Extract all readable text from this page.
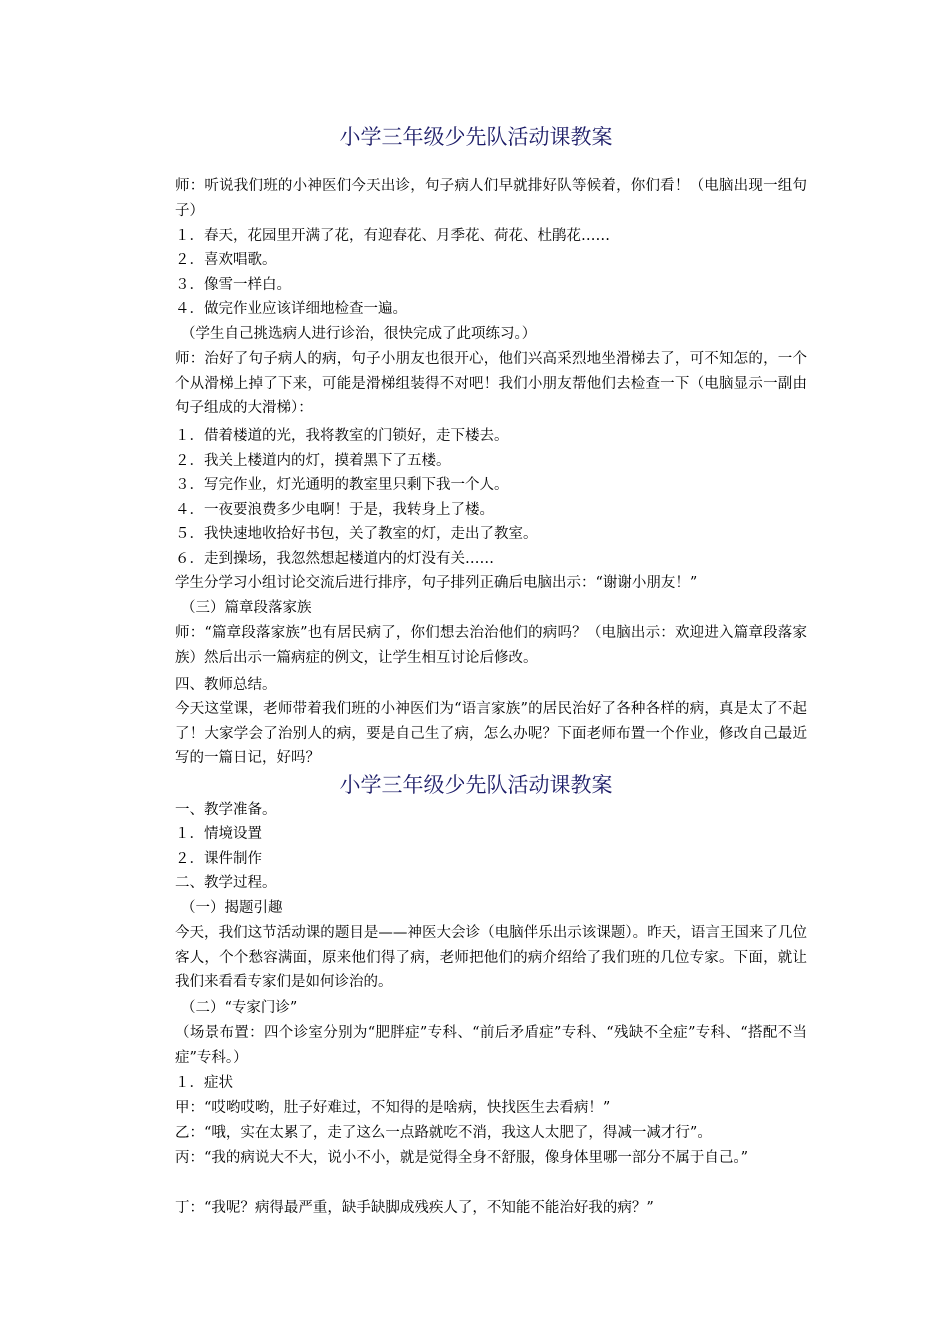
小学三年级少先队活动课教案
师：听说我们班的小神医们今天出诊，句子病人们早就排好队等候着，你们看！（电脑出现一组句子）
１．春天，花园里开满了花，有迎春花、月季花、荷花、杜鹃花……
２．喜欢唱歌。
３．像雪一样白。
４．做完作业应该详细地检查一遍。
（学生自己挑选病人进行诊治，很快完成了此项练习。）
师：治好了句子病人的病，句子小朋友也很开心，他们兴高采烈地坐滑梯去了，可不知怎的，一个个从滑梯上掉了下来，可能是滑梯组装得不对吧！我们小朋友帮他们去检查一下（电脑显示一副由句子组成的大滑梯）：
１．借着楼道的光，我将教室的门锁好，走下楼去。
２．我关上楼道内的灯，摸着黑下了五楼。
３．写完作业，灯光通明的教室里只剩下我一个人。
４．一夜要浪费多少电啊！于是，我转身上了楼。
５．我快速地收拾好书包，关了教室的灯，走出了教室。
６．走到操场，我忽然想起楼道内的灯没有关……
学生分学习小组讨论交流后进行排序，句子排列正确后电脑出示：“谢谢小朋友！”
（三）篇章段落家族
师：“篇章段落家族”也有居民病了，你们想去治治他们的病吗？（电脑出示：欢迎进入篇章段落家族）然后出示一篇病症的例文，让学生相互讨论后修改。
四、教师总结。
今天这堂课，老师带着我们班的小神医们为“语言家族”的居民治好了各种各样的病，真是太了不起了！大家学会了治别人的病，要是自己生了病，怎么办呢？下面老师布置一个作业，修改自己最近写的一篇日记，好吗？
小学三年级少先队活动课教案
一、教学准备。
１．情境设置
２．课件制作
二、教学过程。
（一）揭题引趣
今天，我们这节活动课的题目是——神医大会诊（电脑伴乐出示该课题）。昨天，语言王国来了几位客人，个个愁容满面，原来他们得了病，老师把他们的病介绍给了我们班的几位专家。下面，就让我们来看看专家们是如何诊治的。
（二）“专家门诊”
（场景布置：四个诊室分别为“肥胖症”专科、“前后矛盾症”专科、“残缺不全症”专科、“搭配不当症”专科。）
１．症状
甲：“哎哟哎哟，肚子好难过，不知得的是啥病，快找医生去看病！”
乙：“哦，实在太累了，走了这么一点路就吃不消，我这人太肥了，得减一减才行”。
丙：“我的病说大不大，说小不小，就是觉得全身不舒服，像身体里哪一部分不属于自己。”
丁：“我呢？病得最严重，缺手缺脚成残疾人了，不知能不能治好我的病？”
